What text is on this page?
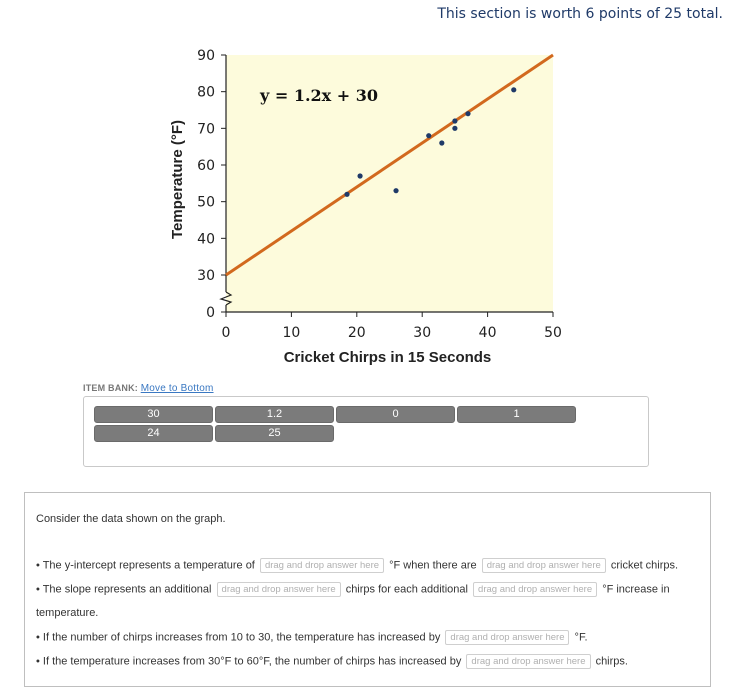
This section is worth 6 points of 25 total.
0	10	20	30	40	50
0
30
40
50
60
70
80
90
y = 1.2x + 30
Cricket Chirps in 15 Seconds
Temperature (°F)
ITEM BANK: Move to Bottom
30	1.2	0	1
24	25
Consider the data shown on the graph.
• The y-intercept represents a temperature of drag and drop answer here °F when there are drag and drop answer here cricket chirps.
• The slope represents an additional drag and drop answer here chirps for each additional drag and drop answer here °F increase in
temperature.
• If the number of chirps increases from 10 to 30, the temperature has increased by drag and drop answer here °F.
• If the temperature increases from 30°F to 60°F, the number of chirps has increased by drag and drop answer here chirps.
